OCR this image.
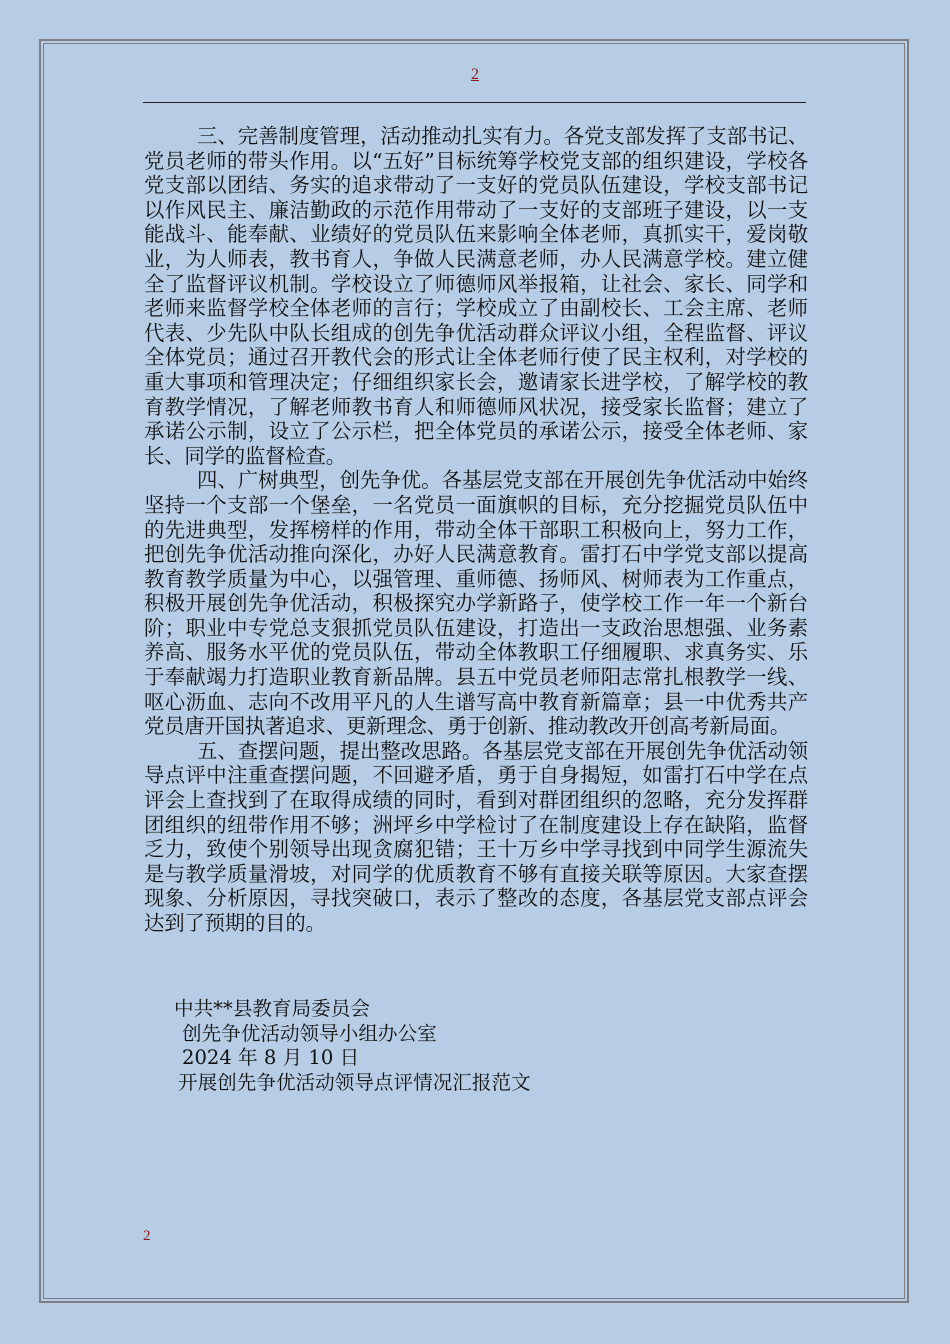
2

三、完善制度管理，活动推动扎实有力。各党支部发挥了支部书记、党员老师的带头作用。以“五好”目标统筹学校党支部的组织建设，学校各党支部以团结、务实的追求带动了一支好的党员队伍建设，学校支部书记以作风民主、廉洁勤政的示范作用带动了一支好的支部班子建设，以一支能战斗、能奉献、业绩好的党员队伍来影响全体老师，真抓实干，爱岗敬业，为人师表，教书育人，争做人民满意老师，办人民满意学校。建立健全了监督评议机制。学校设立了师德师风举报箱，让社会、家长、同学和老师来监督学校全体老师的言行；学校成立了由副校长、工会主席、老师代表、少先队中队长组成的创先争优活动群众评议小组，全程监督、评议全体党员；通过召开教代会的形式让全体老师行使了民主权利，对学校的重大事项和管理决定；仔细组织家长会，邀请家长进学校，了解学校的教育教学情况，了解老师教书育人和师德师风状况，接受家长监督；建立了承诺公示制，设立了公示栏，把全体党员的承诺公示，接受全体老师、家长、同学的监督检查。

四、广树典型，创先争优。各基层党支部在开展创先争优活动中始终坚持一个支部一个堡垒，一名党员一面旗帜的目标，充分挖掘党员队伍中的先进典型，发挥榜样的作用，带动全体干部职工积极向上，努力工作，把创先争优活动推向深化，办好人民满意教育。雷打石中学党支部以提高教育教学质量为中心，以强管理、重师德、扬师风、树师表为工作重点，积极开展创先争优活动，积极探究办学新路子，使学校工作一年一个新台阶；职业中专党总支狠抓党员队伍建设，打造出一支政治思想强、业务素养高、服务水平优的党员队伍，带动全体教职工仔细履职、求真务实、乐于奉献竭力打造职业教育新品牌。县五中党员老师阳志常扎根教学一线、呕心沥血、志向不改用平凡的人生谱写高中教育新篇章；县一中优秀共产党员唐开国执著追求、更新理念、勇于创新、推动教改开创高考新局面。

五、查摆问题，提出整改思路。各基层党支部在开展创先争优活动领导点评中注重查摆问题，不回避矛盾，勇于自身揭短，如雷打石中学在点评会上查找到了在取得成绩的同时，看到对群团组织的忽略，充分发挥群团组织的纽带作用不够；洲坪乡中学检讨了在制度建设上存在缺陷，监督乏力，致使个别领导出现贪腐犯错；王十万乡中学寻找到中同学生源流失是与教学质量滑坡，对同学的优质教育不够有直接关联等原因。大家查摆现象、分析原因，寻找突破口，表示了整改的态度，各基层党支部点评会达到了预期的目的。

中共**县教育局委员会
创先争优活动领导小组办公室
2024 年 8 月 10 日
开展创先争优活动领导点评情况汇报范文
2
